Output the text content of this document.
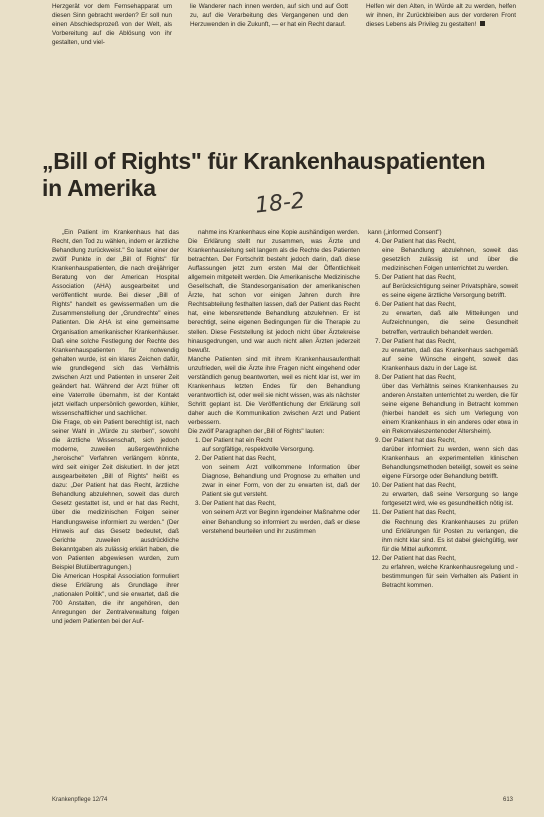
Herzgerät vor dem Fernsehapparat um diesen Sinn gebracht werden? Er soll nun einen Abschiedsprozeß von der Welt, als Vorbereitung auf die Ablösung von ihr gestalten, und viel-

lie Wanderer nach innen werden, auf sich und auf Gott zu, auf die Verarbeitung des Vergangenen und den Herzuwenden in die Zukunft, — er hat ein Recht darauf.

Helfen wir den Alten, in Würde alt zu werden, helfen wir ihnen, ihr Zurückbleiben aus der vorderen Front dieses Lebens als Privileg zu gestalten!

„Bill of Rights" für Krankenhauspatienten
in Amerika
18-2

„Ein Patient im Krankenhaus hat das Recht, den Tod zu wählen, indem er ärztliche Behandlung zurückweist." So lautet einer der zwölf Punkte in der „Bill of Rights" für Krankenhauspatienten, die nach dreijähriger Beratung von der American Hospital Association (AHA) ausgearbeitet und veröffentlicht wurde. Bei dieser „Bill of Rights" handelt es gewissermaßen um die Zusammenstellung der „Grundrechte" eines Patienten. Die AHA ist eine gemeinsame Organisation amerikanischer Krankenhäuser. Daß eine solche Festlegung der Rechte des Krankenhauspatienten für notwendig gehalten wurde, ist ein klares Zeichen dafür, wie grundlegend sich das Verhältnis zwischen Arzt und Patienten in unserer Zeit geändert hat. Während der Arzt früher oft eine Vaterrolle übernahm, ist der Kontakt jetzt vielfach unpersönlich geworden, kühler, wissenschaftlicher und sachlicher.
Die Frage, ob ein Patient berechtigt ist, nach seiner Wahl in „Würde zu sterben", sowohl die ärztliche Wissenschaft, sich jedoch moderne, zuweilen außergewöhnliche „heroische" Verfahren verlängern könnte, wird seit einiger Zeit diskutiert. In der jetzt ausgearbeiteten „Bill of Rights" heißt es dazu: „Der Patient hat das Recht, ärztliche Behandlung abzulehnen, soweit das durch Gesetz gestattet ist, und er hat das Recht, über die medizinischen Folgen seiner Handlungsweise informiert zu werden." (Der Hinweis auf das Gesetz bedeutet, daß Gerichte zuweilen ausdrückliche Bekanntgaben als zulässig erklärt haben, die von Patienten abgewiesen wurden, zum Beispiel Blutübertragungen.)
Die American Hospital Association formuliert diese Erklärung als Grundlage ihrer „nationalen Politik", und sie erwartet, daß die 700 Anstalten, die ihr angehören, den Anregungen der Zentralverwaltung folgen und jedem Patienten bei der Auf-

nahme ins Krankenhaus eine Kopie aushändigen werden.
Die Erklärung stellt nur zusammen, was Ärzte und Krankenhausleitung seit langem als die Rechte des Patienten betrachten. Der Fortschritt besteht jedoch darin, daß diese Auffassungen jetzt zum ersten Mal der Öffentlichkeit allgemein mitgeteilt werden. Die Amerikanische Medizinische Gesellschaft, die Standesorganisation der amerikanischen Ärzte, hat schon vor einigen Jahren durch ihre Rechtsabteilung festhalten lassen, daß der Patient das Recht hat, eine lebensrettende Behandlung abzulehnen. Er ist berechtigt, seine eigenen Bedingungen für die Therapie zu stellen. Diese Feststellung ist jedoch nicht über Ärztekreise hinausgedrungen, und war auch nicht allen Ärzten jederzeit bewußt.
Manche Patienten sind mit ihrem Krankenhausaufenthalt unzufrieden, weil die Ärzte ihre Fragen nicht eingehend oder verständlich genug beantworten, weil es nicht klar ist, wer im Krankenhaus letzten Endes für den Behandlung verantwortlich ist, oder weil sie nicht wissen, was als nächster Schritt geplant ist. Die Veröffentlichung der Erklärung soll daher auch die Kommunikation zwischen Arzt und Patient verbessern.
Die zwölf Paragraphen der „Bill of Rights" lauten:

1. Der Patient hat ein Recht
auf sorgfältige, respektvolle Versorgung.
2. Der Patient hat das Recht,
von seinem Arzt vollkommene Information über Diagnose, Behandlung und Prognose zu erhalten und zwar in einer Form, von der zu erwarten ist, daß der Patient sie gut versteht.
3. Der Patient hat das Recht,
von seinem Arzt vor Beginn irgendeiner Maßnahme oder einer Behandlung so informiert zu werden, daß er diese verstehend beurteilen und ihr zustimmen

kann („informed Consent")

4. Der Patient hat das Recht,
eine Behandlung abzulehnen, soweit das gesetzlich zulässig ist und über die medizinischen Folgen unterrichtet zu werden.
5. Der Patient hat das Recht,
auf Berücksichtigung seiner Privatsphäre, soweit es seine eigene ärztliche Versorgung betrifft.
6. Der Patient hat das Recht,
zu erwarten, daß alle Mitteilungen und Aufzeichnungen, die seine Gesundheit betreffen, vertraulich behandelt werden.
7. Der Patient hat das Recht,
zu erwarten, daß das Krankenhaus sachgemäß auf seine Wünsche eingeht, soweit das Krankenhaus dazu in der Lage ist.
8. Der Patient hat das Recht,
über das Verhältnis seines Krankenhauses zu anderen Anstalten unterrichtet zu werden, die für seine eigene Behandlung in Betracht kommen (hierbei handelt es sich um Verlegung von einem Krankenhaus in ein anderes oder etwa in ein Rekonvaleszentenoder Altersheim).
9. Der Patient hat das Recht,
darüber informiert zu werden, wenn sich das Krankenhaus an experimentellen klinischen Behandlungsmethoden beteiligt, soweit es seine eigene Fürsorge oder Behandlung betrifft.
10. Der Patient hat das Recht,
zu erwarten, daß seine Versorgung so lange fortgesetzt wird, wie es gesundheitlich nötig ist.
11. Der Patient hat das Recht,
die Rechnung des Krankenhauses zu prüfen und Erklärungen für Posten zu verlangen, die ihm nicht klar sind. Es ist dabei gleichgültig, wer für die Mittel aufkommt.
12. Der Patient hat das Recht,
zu erfahren, welche Krankenhausregelung und -bestimmungen für sein Verhalten als Patient in Betracht kommen.
Krankenpflege 12/74	613
